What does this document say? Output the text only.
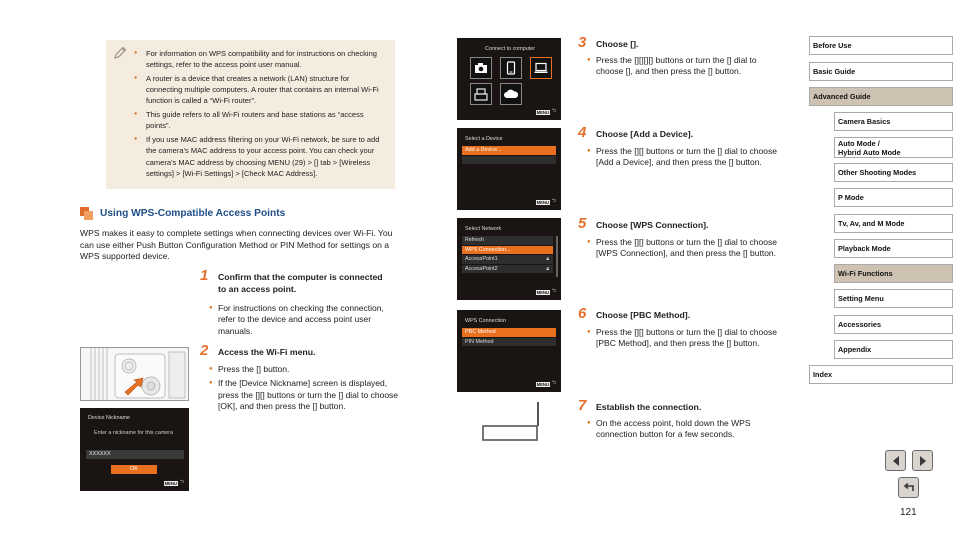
● For information on WPS compatibility and for instructions on checking settings, refer to the access point user manual.
● A router is a device that creates a network (LAN) structure for connecting multiple computers. A router that contains an internal Wi-Fi function is called a “Wi-Fi router”.
● This guide refers to all Wi-Fi routers and base stations as “access points”.
● If you use MAC address filtering on your Wi-Fi network, be sure to add the camera’s MAC address to your access point. You can check your camera’s MAC address by choosing MENU (29) > [] tab > [Wireless settings] > [Wi-Fi Settings] > [Check MAC Address].
Using WPS-Compatible Access Points

WPS makes it easy to complete settings when connecting devices over Wi-Fi. You can use either Push Button Configuration Method or PIN Method for settings on a WPS supported device.

1 Confirm that the computer is connected to an access point.
● For instructions on checking the connection, refer to the device and access point user manuals.
Device Nickname
Enter a nickname for this camera
XXXXXX
OK
MENU ⮌
2 Access the Wi-Fi menu.
● Press the [] button.
● If the [Device Nickname] screen is displayed, press the [][] buttons or turn the [] dial to choose [OK], and then press the [] button.
Connect to computer
MENU ⮌
Select a Device
Add a Device...
MENU ⮌
Select Network
Refresh
WPS Connection...
AccessPoint1	🔒︎
AccessPoint2	🔒︎
MENU ⮌
WPS Connection
PBC Method
PIN Method
MENU ⮌
3 Choose [].
● Press the [][][][] buttons or turn the [] dial to choose [], and then press the [] button.
4 Choose [Add a Device].
● Press the [][] buttons or turn the [] dial to choose [Add a Device], and then press the [] button.
5 Choose [WPS Connection].
● Press the [][] buttons or turn the [] dial to choose [WPS Connection], and then press the [] button.
6 Choose [PBC Method].
● Press the [][] buttons or turn the [] dial to choose [PBC Method], and then press the [] button.
7 Establish the connection.
● On the access point, hold down the WPS connection button for a few seconds.
Before Use
Basic Guide
Advanced Guide
Camera Basics
Auto Mode /
Hybrid Auto Mode
Other Shooting Modes
P Mode
Tv, Av, and M Mode
Playback Mode
Wi-Fi Functions
Setting Menu
Accessories
Appendix
Index
121
